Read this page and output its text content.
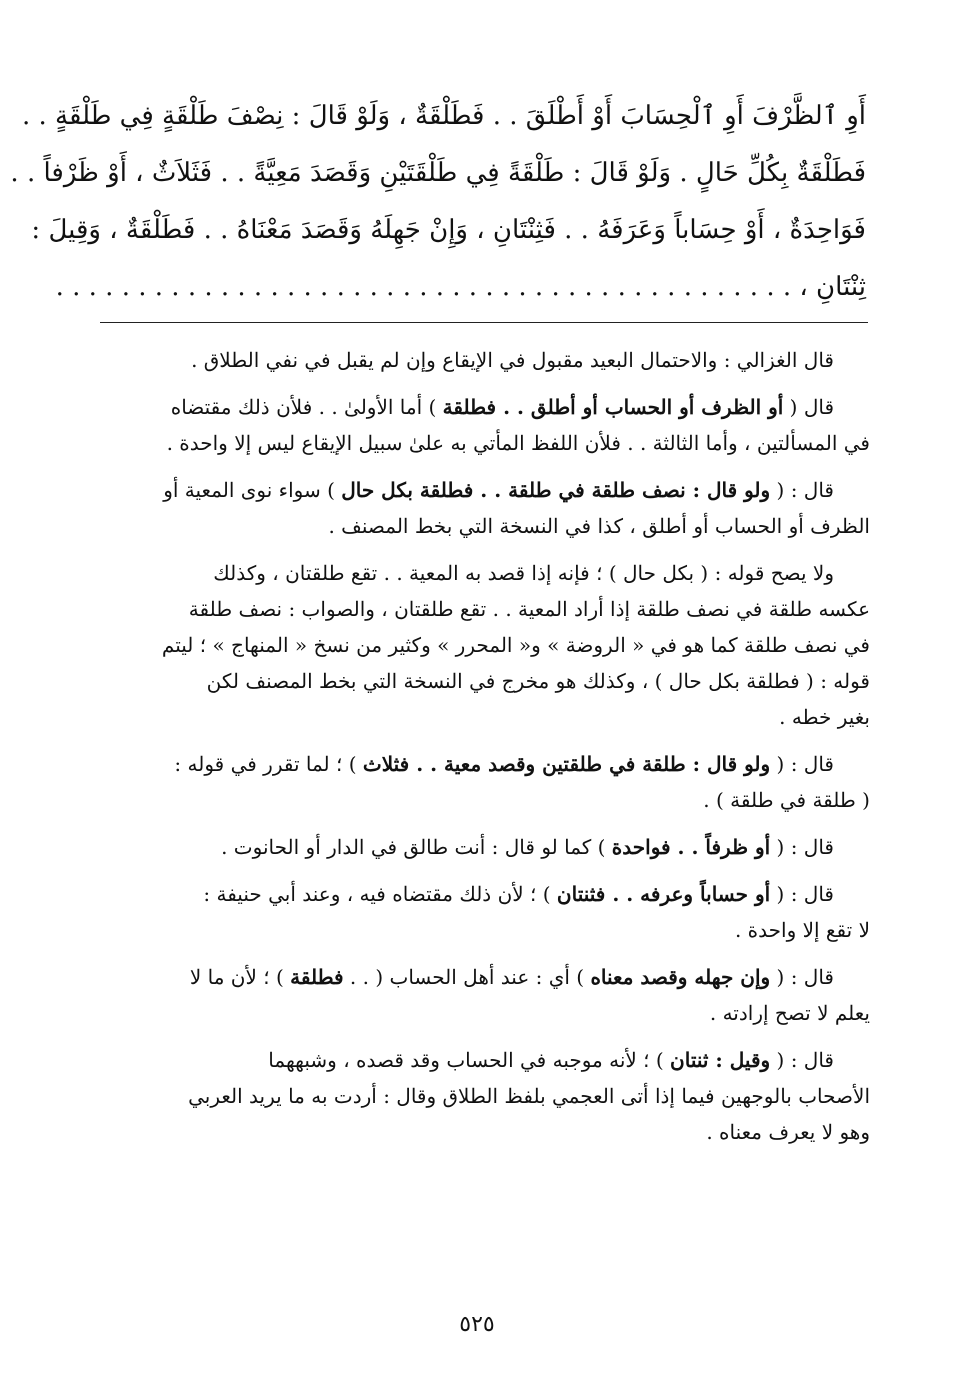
أَوِ ٱلظَّرْفَ أَوِ ٱلْحِسَابَ أَوْ أَطْلَقَ . . فَطَلْقَةٌ ، وَلَوْ قَالَ : نِصْفَ طَلْقَةٍ فِي طَلْقَةٍ . .
فَطَلْقَةٌ بِكُلِّ حَالٍ . وَلَوْ قَالَ : طَلْقَةً فِي طَلْقَتَيْنِ وَقَصَدَ مَعِيَّةً . . فَثَلاَثٌ ، أَوْ ظَرْفاً . .
فَوَاحِدَةٌ ، أَوْ حِسَاباً وَعَرَفَهُ . . فَثِنْتَانِ ، وَإِنْ جَهِلَهُ وَقَصَدَ مَعْنَاهُ . . فَطَلْقَةٌ ، وَقِيلَ :
ثِنْتَانِ ، . . . . . . . . . . . . . . . . . . . . . . . . . . . . . . . . . . . . . . . . . . . . .

قال الغزالي : والاحتمال البعيد مقبول في الإيقاع وإن لم يقبل في نفي الطلاق .

قال ( أو الظرف أو الحساب أو أطلق . . فطلقة ) أما الأولىٰ . . فلأن ذلك مقتضاه
في المسألتين ، وأما الثالثة . . فلأن اللفظ المأتي به علىٰ سبيل الإيقاع ليس إلا واحدة .

قال : ( ولو قال : نصف طلقة في طلقة . . فطلقة بكل حال ) سواء نوى المعية أو
الظرف أو الحساب أو أطلق ، كذا في النسخة التي بخط المصنف .

ولا يصح قوله : ( بكل حال ) ؛ فإنه إذا قصد به المعية . . تقع طلقتان ، وكذلك
عكسه طلقة في نصف طلقة إذا أراد المعية . . تقع طلقتان ، والصواب : نصف طلقة
في نصف طلقة كما هو في « الروضة » و« المحرر » وكثير من نسخ « المنهاج » ؛ ليتم
قوله : ( فطلقة بكل حال ) ، وكذلك هو مخرج في النسخة التي بخط المصنف لكن
بغير خطه .

قال : ( ولو قال : طلقة في طلقتين وقصد معية . . فثلاث ) ؛ لما تقرر في قوله :
( طلقة في طلقة ) .

قال : ( أو ظرفاً . . فواحدة ) كما لو قال : أنت طالق في الدار أو الحانوت .

قال : ( أو حساباً وعرفه . . فثنتان ) ؛ لأن ذلك مقتضاه فيه ، وعند أبي حنيفة :
لا تقع إلا واحدة .

قال : ( وإن جهله وقصد معناه ) أي : عند أهل الحساب ( . . فطلقة ) ؛ لأن ما لا
يعلم لا تصح إرادته .

قال : ( وقيل : ثنتان ) ؛ لأنه موجبه في الحساب وقد قصده ، وشبههما
الأصحاب بالوجهين فيما إذا أتى العجمي بلفظ الطلاق وقال : أردت به ما يريد العربي
وهو لا يعرف معناه .

٥٢٥
